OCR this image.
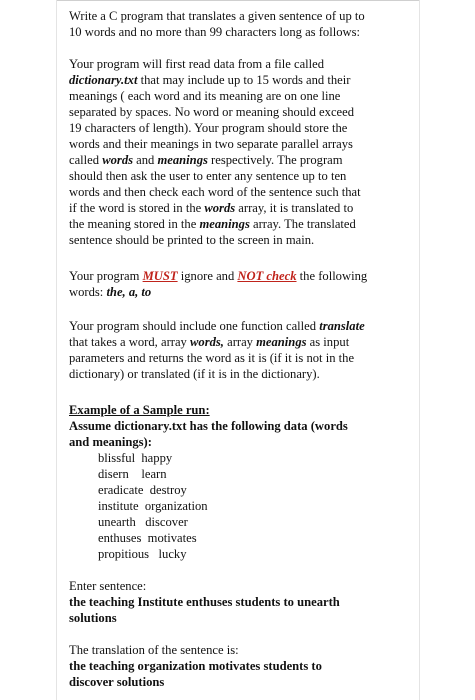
Write a C program that translates a given sentence of up to

10 words and no more than 99 characters long as follows:

Your program will first read data from a file called

dictionary.txt that may include up to 15 words and their

meanings ( each word and its meaning are on one line

separated by spaces. No word or meaning should exceed

19 characters of length). Your program should store the

words and their meanings in two separate parallel arrays

called words and meanings respectively. The program

should then ask the user to enter any sentence up to ten

words and then check each word of the sentence such that

if the word is stored in the words array, it is translated to

the meaning stored in the meanings array. The translated

sentence should be printed to the screen in main.

Your program MUST ignore and NOT check the following

words: the, a, to

Your program should include one function called translate

that takes a word, array words, array meanings as input

parameters and returns the word as it is (if it is not in the

dictionary) or translated (if it is in the dictionary).

Example of a Sample run:

Assume dictionary.txt has the following data (words

and meanings):

blissful  happy
disern    learn
eradicate  destroy
institute  organization
unearth   discover
enthuses  motivates
propitious   lucky

Enter sentence:

the teaching Institute enthuses students to unearth

solutions

The translation of the sentence is:

the teaching organization motivates students to

discover solutions
